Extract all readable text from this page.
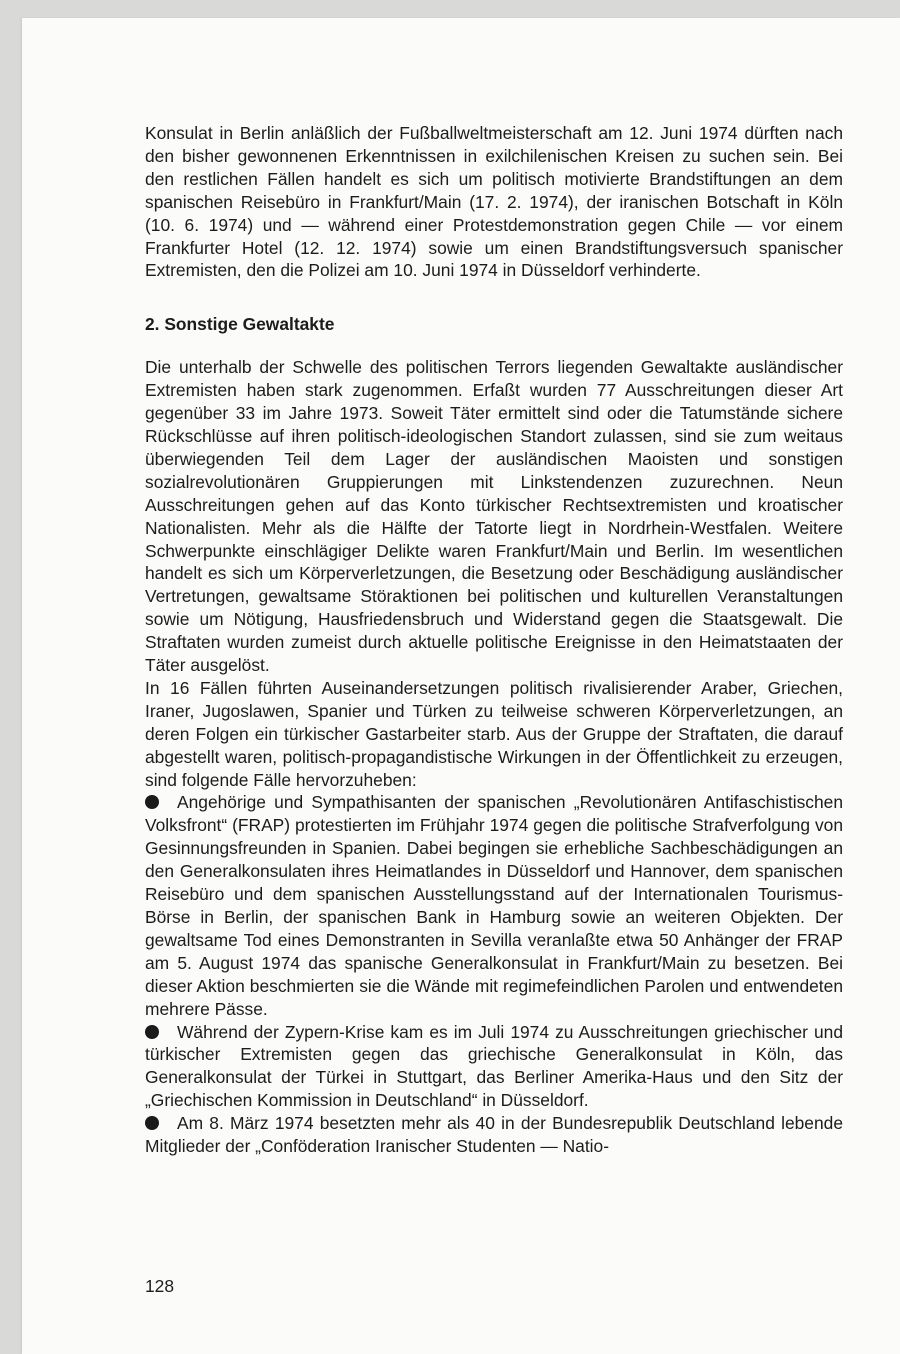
Konsulat in Berlin anläßlich der Fußballweltmeisterschaft am 12. Juni 1974 dürften nach den bisher gewonnenen Erkenntnissen in exilchilenischen Kreisen zu suchen sein. Bei den restlichen Fällen handelt es sich um politisch motivierte Brandstiftungen an dem spanischen Reisebüro in Frankfurt/Main (17. 2. 1974), der iranischen Botschaft in Köln (10. 6. 1974) und — während einer Protestdemonstration gegen Chile — vor einem Frankfurter Hotel (12. 12. 1974) sowie um einen Brandstiftungsversuch spanischer Extremisten, den die Polizei am 10. Juni 1974 in Düsseldorf verhinderte.

2. Sonstige Gewaltakte

Die unterhalb der Schwelle des politischen Terrors liegenden Gewaltakte ausländischer Extremisten haben stark zugenommen. Erfaßt wurden 77 Ausschreitungen dieser Art gegenüber 33 im Jahre 1973. Soweit Täter ermittelt sind oder die Tatumstände sichere Rückschlüsse auf ihren politisch-ideologischen Standort zulassen, sind sie zum weitaus überwiegenden Teil dem Lager der ausländischen Maoisten und sonstigen sozialrevolutionären Gruppierungen mit Linkstendenzen zuzurechnen. Neun Ausschreitungen gehen auf das Konto türkischer Rechtsextremisten und kroatischer Nationalisten. Mehr als die Hälfte der Tatorte liegt in Nordrhein-Westfalen. Weitere Schwerpunkte einschlägiger Delikte waren Frankfurt/Main und Berlin. Im wesentlichen handelt es sich um Körperverletzungen, die Besetzung oder Beschädigung ausländischer Vertretungen, gewaltsame Störaktionen bei politischen und kulturellen Veranstaltungen sowie um Nötigung, Hausfriedensbruch und Widerstand gegen die Staatsgewalt. Die Straftaten wurden zumeist durch aktuelle politische Ereignisse in den Heimatstaaten der Täter ausgelöst.

In 16 Fällen führten Auseinandersetzungen politisch rivalisierender Araber, Griechen, Iraner, Jugoslawen, Spanier und Türken zu teilweise schweren Körperverletzungen, an deren Folgen ein türkischer Gastarbeiter starb. Aus der Gruppe der Straftaten, die darauf abgestellt waren, politisch-propagandistische Wirkungen in der Öffentlichkeit zu erzeugen, sind folgende Fälle hervorzuheben:

Angehörige und Sympathisanten der spanischen „Revolutionären Antifaschistischen Volksfront“ (FRAP) protestierten im Frühjahr 1974 gegen die politische Strafverfolgung von Gesinnungsfreunden in Spanien. Dabei begingen sie erhebliche Sachbeschädigungen an den Generalkonsulaten ihres Heimatlandes in Düsseldorf und Hannover, dem spanischen Reisebüro und dem spanischen Ausstellungsstand auf der Internationalen Tourismus-Börse in Berlin, der spanischen Bank in Hamburg sowie an weiteren Objekten. Der gewaltsame Tod eines Demonstranten in Sevilla veranlaßte etwa 50 Anhänger der FRAP am 5. August 1974 das spanische Generalkonsulat in Frankfurt/Main zu besetzen. Bei dieser Aktion beschmierten sie die Wände mit regimefeindlichen Parolen und entwendeten mehrere Pässe.

Während der Zypern-Krise kam es im Juli 1974 zu Ausschreitungen griechischer und türkischer Extremisten gegen das griechische Generalkonsulat in Köln, das Generalkonsulat der Türkei in Stuttgart, das Berliner Amerika-Haus und den Sitz der „Griechischen Kommission in Deutschland“ in Düsseldorf.

Am 8. März 1974 besetzten mehr als 40 in der Bundesrepublik Deutschland lebende Mitglieder der „Conföderation Iranischer Studenten — Natio-

128
